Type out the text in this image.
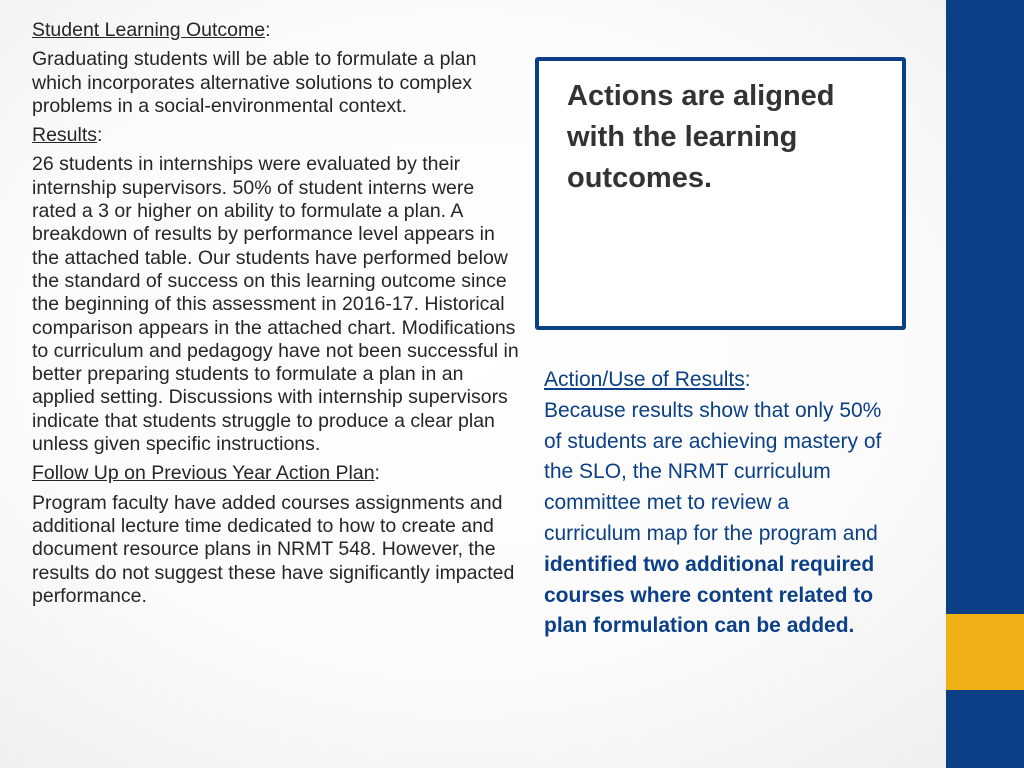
Student Learning Outcome:
Graduating students will be able to formulate a plan which incorporates alternative solutions to complex problems in a social-environmental context.
Results:
26 students in internships were evaluated by their internship supervisors. 50% of student interns were rated a 3 or higher on ability to formulate a plan. A breakdown of results by performance level appears in the attached table. Our students have performed below the standard of success on this learning outcome since the beginning of this assessment in 2016-17. Historical comparison appears in the attached chart. Modifications to curriculum and pedagogy have not been successful in better preparing students to formulate a plan in an applied setting. Discussions with internship supervisors indicate that students struggle to produce a clear plan unless given specific instructions.
Follow Up on Previous Year Action Plan:
Program faculty have added courses assignments and additional lecture time dedicated to how to create and document resource plans in NRMT 548. However, the results do not suggest these have significantly impacted performance.
Actions are aligned with the learning outcomes.
Action/Use of Results:
Because results show that only 50% of students are achieving mastery of the SLO, the NRMT curriculum committee met to review a curriculum map for the program and identified two additional required courses where content related to plan formulation can be added.
